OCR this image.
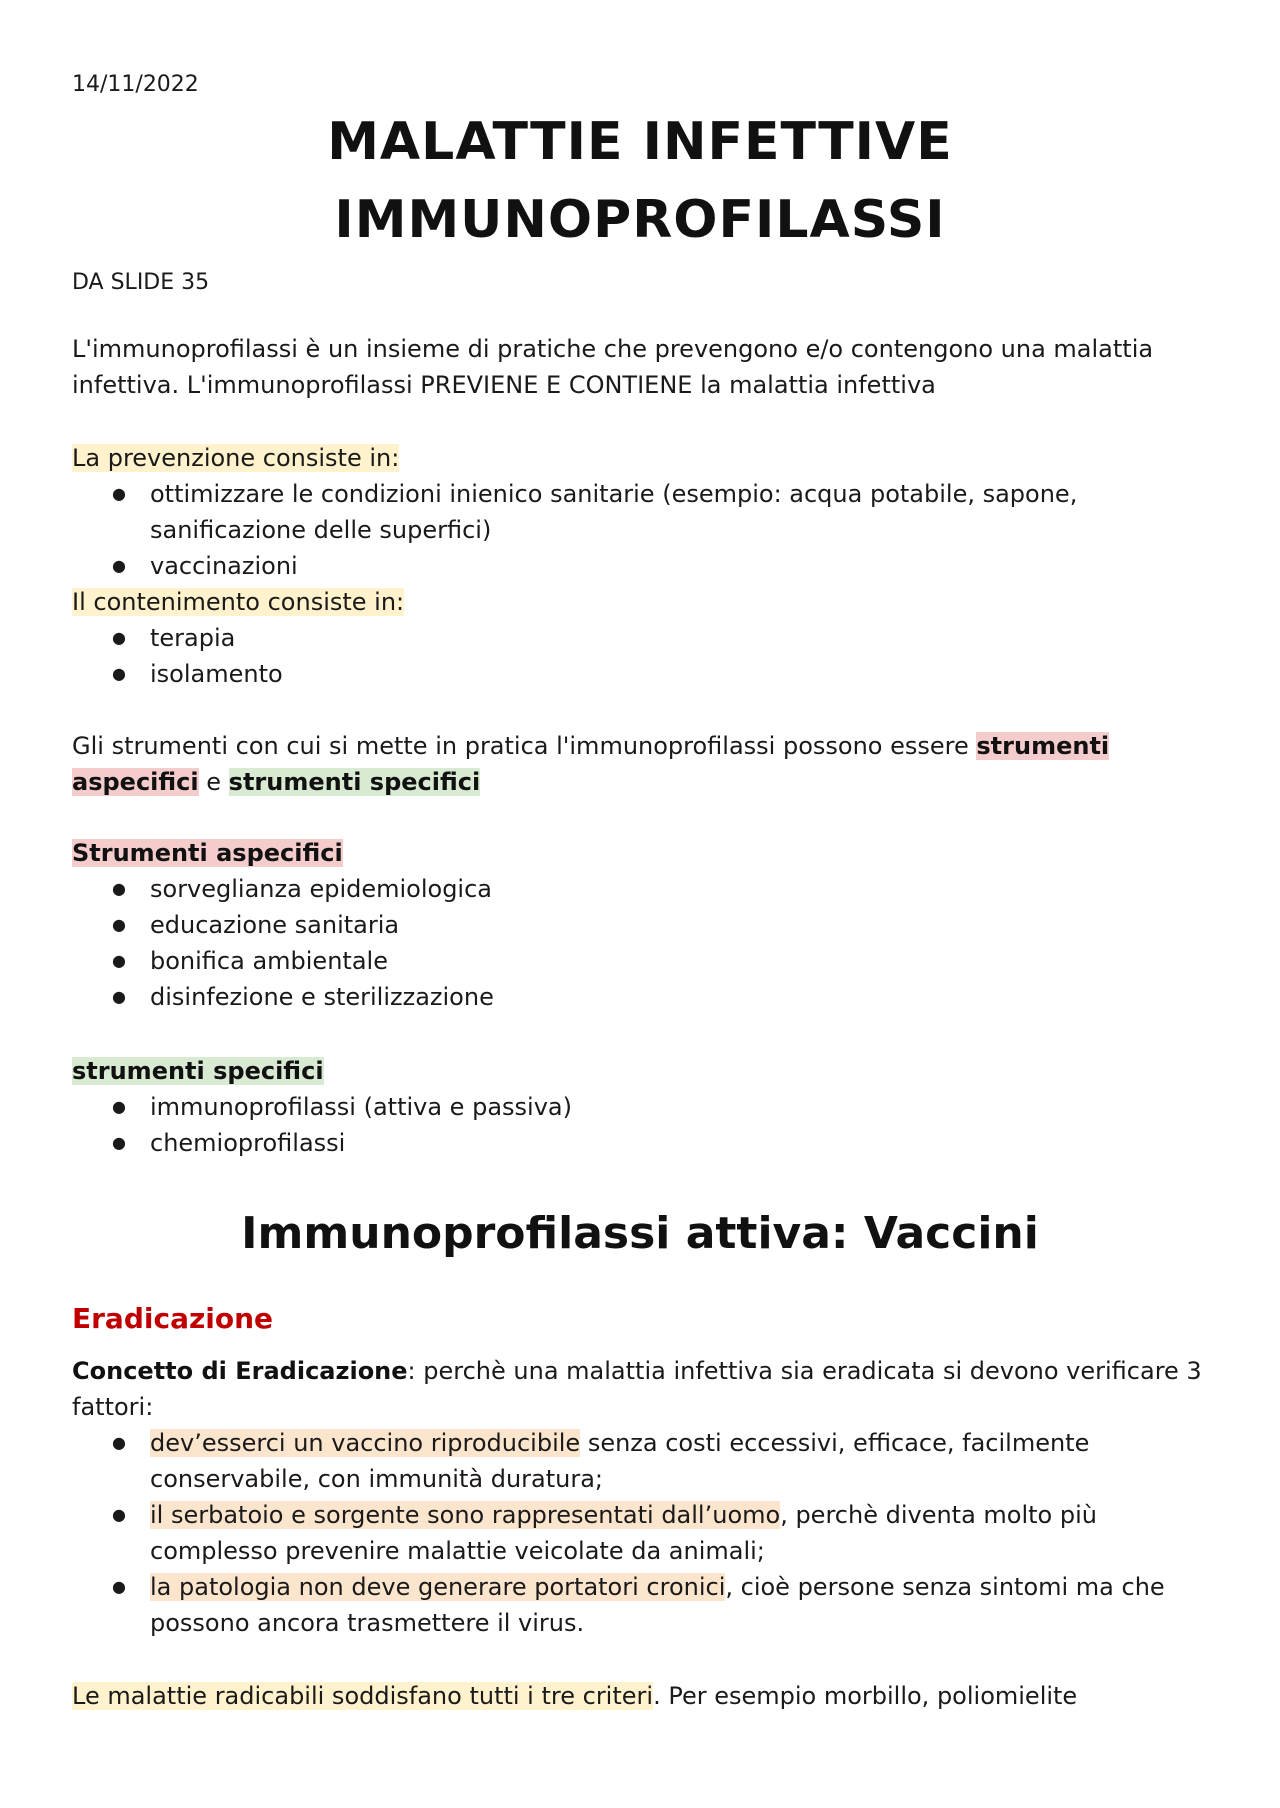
14/11/2022
MALATTIE INFETTIVE
IMMUNOPROFILASSI
DA SLIDE 35

L'immunoprofilassi è un insieme di pratiche che prevengono e/o contengono una malattia infettiva. L'immunoprofilassi PREVIENE E CONTIENE la malattia infettiva

La prevenzione consiste in:

● ottimizzare le condizioni inienico sanitarie (esempio: acqua potabile, sapone, sanificazione delle superfici)
● vaccinazioni

Il contenimento consiste in:

● terapia
● isolamento

Gli strumenti con cui si mette in pratica l'immunoprofilassi possono essere strumenti aspecifici e strumenti specifici

Strumenti aspecifici

● sorveglianza epidemiologica
● educazione sanitaria
● bonifica ambientale
● disinfezione e sterilizzazione

strumenti specifici

● immunoprofilassi (attiva e passiva)
● chemioprofilassi
Immunoprofilassi attiva: Vaccini
Eradicazione

Concetto di Eradicazione: perchè una malattia infettiva sia eradicata si devono verificare 3 fattori:

● dev’esserci un vaccino riproducibile senza costi eccessivi, efficace, facilmente conservabile, con immunità duratura;
● il serbatoio e sorgente sono rappresentati dall’uomo, perchè diventa molto più complesso prevenire malattie veicolate da animali;
● la patologia non deve generare portatori cronici, cioè persone senza sintomi ma che possono ancora trasmettere il virus.

Le malattie radicabili soddisfano tutti i tre criteri. Per esempio morbillo, poliomielite
